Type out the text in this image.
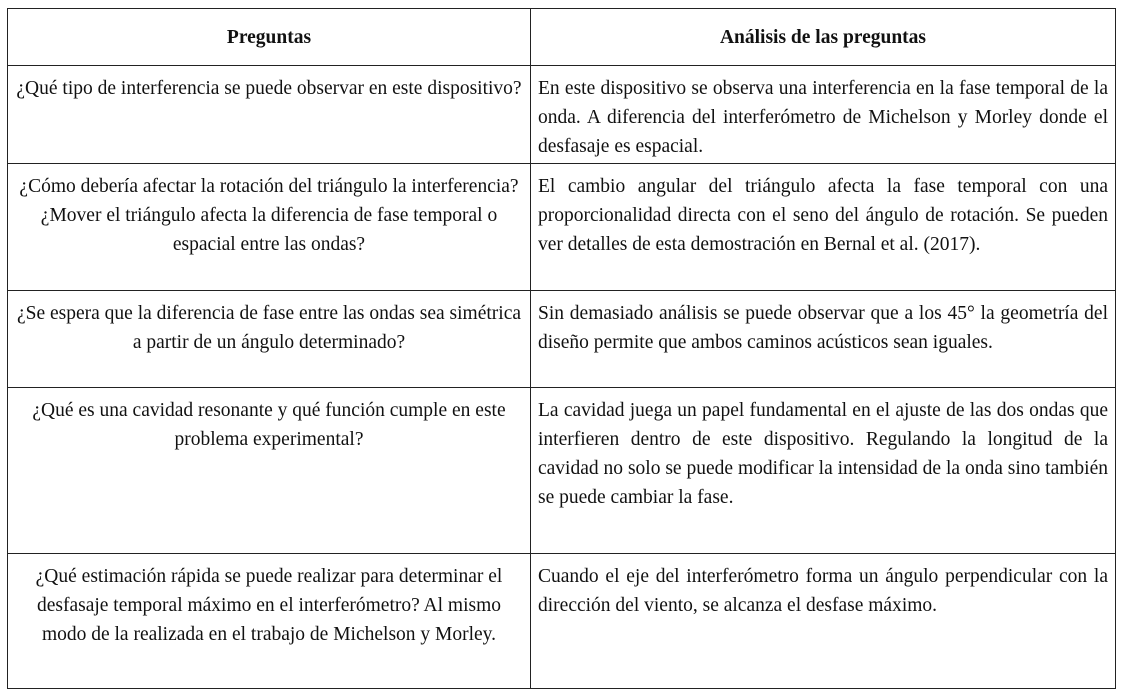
Preguntas	Análisis de las preguntas
¿Qué tipo de interferencia se puede observar en este dispositivo?	En este dispositivo se observa una interferencia en la fase temporal de la onda. A diferencia del interferómetro de Michelson y Morley donde el desfasaje es espacial.
¿Cómo debería afectar la rotación del triángulo la interferencia? ¿Mover el triángulo afecta la diferencia de fase temporal o espacial entre las ondas?	El cambio angular del triángulo afecta la fase temporal con una proporcionalidad directa con el seno del ángulo de rotación. Se pueden ver detalles de esta demostración en Bernal et al. (2017).
¿Se espera que la diferencia de fase entre las ondas sea simétrica a partir de un ángulo determinado?	Sin demasiado análisis se puede observar que a los 45° la geometría del diseño permite que ambos caminos acústicos sean iguales.
¿Qué es una cavidad resonante y qué función cumple en este problema experimental?	La cavidad juega un papel fundamental en el ajuste de las dos ondas que interfieren dentro de este dispositivo. Regulando la longitud de la cavidad no solo se puede modificar la intensidad de la onda sino también se puede cambiar la fase.
¿Qué estimación rápida se puede realizar para determinar el desfasaje temporal máximo en el interferómetro? Al mismo modo de la realizada en el trabajo de Michelson y Morley.	Cuando el eje del interferómetro forma un ángulo perpendicular con la dirección del viento, se alcanza el desfase máximo.
